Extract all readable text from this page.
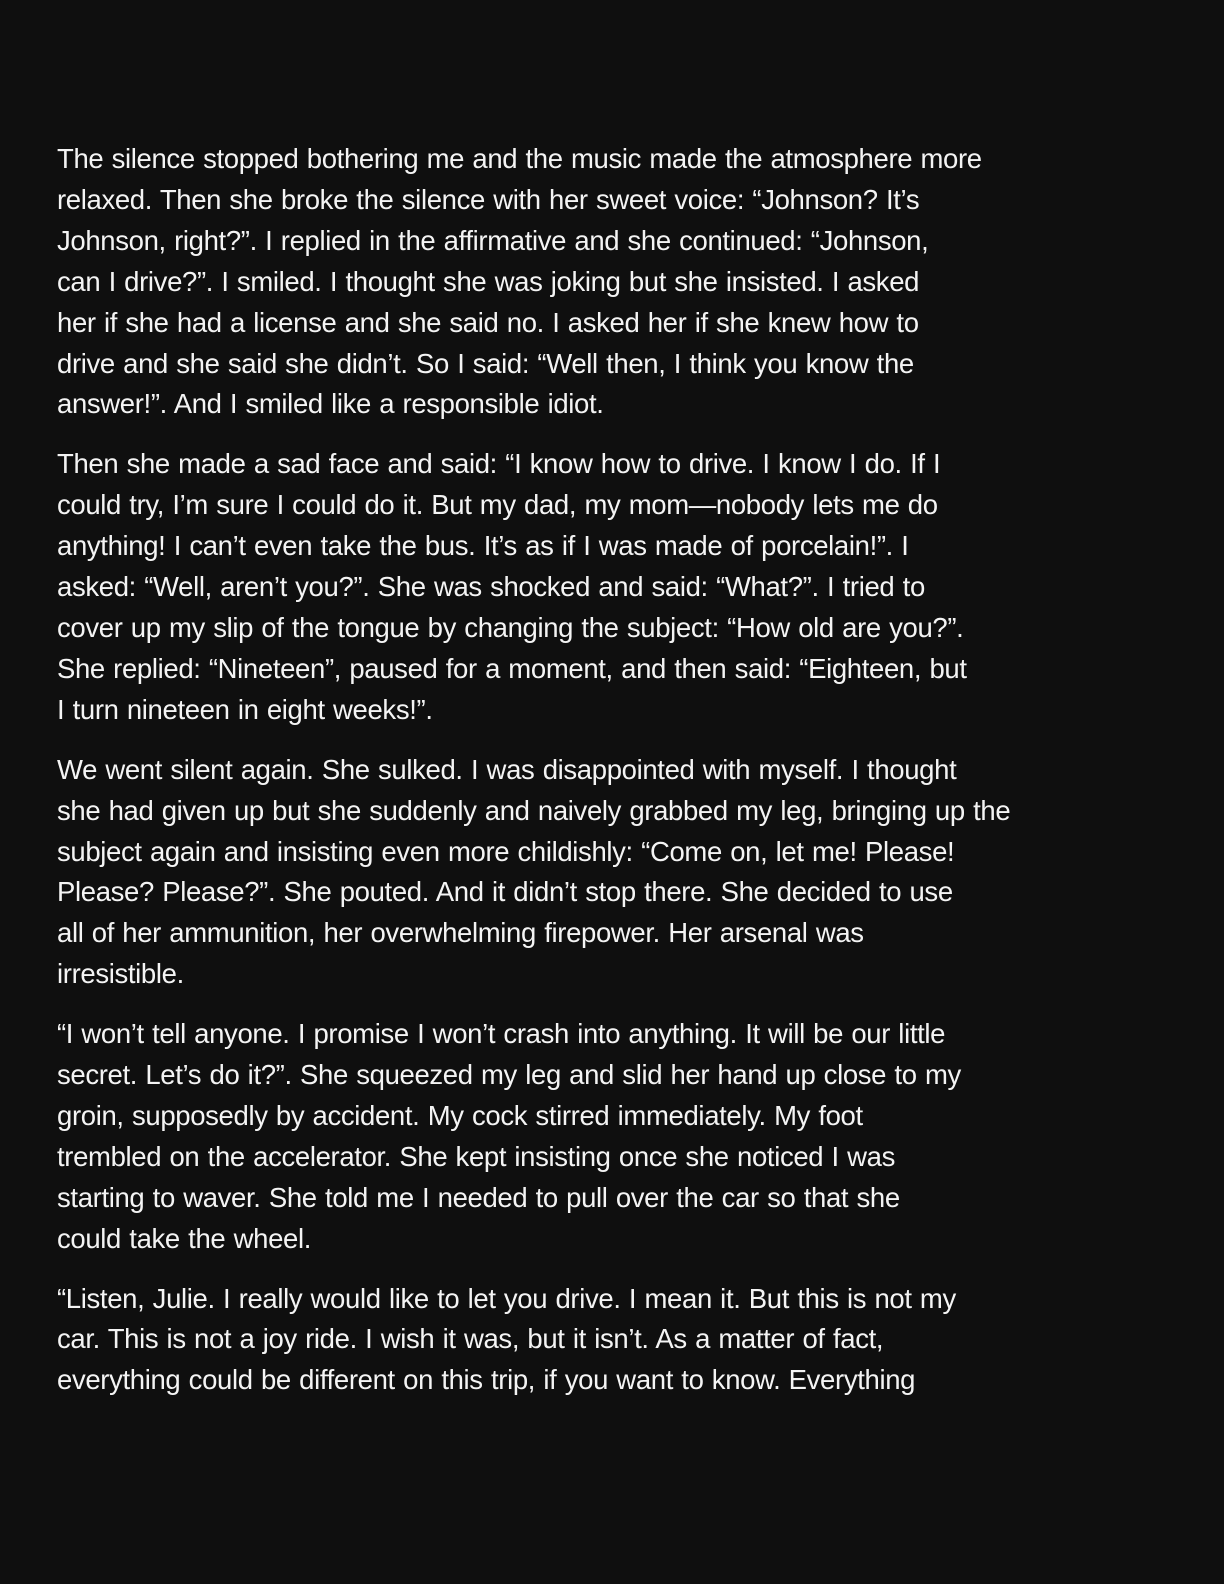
The silence stopped bothering me and the music made the atmosphere more
relaxed. Then she broke the silence with her sweet voice: “Johnson? It’s
Johnson, right?”. I replied in the affirmative and she continued: “Johnson,
can I drive?”. I smiled. I thought she was joking but she insisted. I asked
her if she had a license and she said no. I asked her if she knew how to
drive and she said she didn’t. So I said: “Well then, I think you know the
answer!”. And I smiled like a responsible idiot.
Then she made a sad face and said: “I know how to drive. I know I do. If I
could try, I’m sure I could do it. But my dad, my mom—nobody lets me do
anything! I can’t even take the bus. It’s as if I was made of porcelain!”. I
asked: “Well, aren’t you?”. She was shocked and said: “What?”. I tried to
cover up my slip of the tongue by changing the subject: “How old are you?”.
She replied: “Nineteen”, paused for a moment, and then said: “Eighteen, but
I turn nineteen in eight weeks!”.
We went silent again. She sulked. I was disappointed with myself. I thought
she had given up but she suddenly and naively grabbed my leg, bringing up the
subject again and insisting even more childishly: “Come on, let me! Please!
Please? Please?”. She pouted. And it didn’t stop there. She decided to use
all of her ammunition, her overwhelming firepower. Her arsenal was
irresistible.
“I won’t tell anyone. I promise I won’t crash into anything. It will be our little
secret. Let’s do it?”. She squeezed my leg and slid her hand up close to my
groin, supposedly by accident. My cock stirred immediately. My foot
trembled on the accelerator. She kept insisting once she noticed I was
starting to waver. She told me I needed to pull over the car so that she
could take the wheel.
“Listen, Julie. I really would like to let you drive. I mean it. But this is not my
car. This is not a joy ride. I wish it was, but it isn’t. As a matter of fact,
everything could be different on this trip, if you want to know. Everything
